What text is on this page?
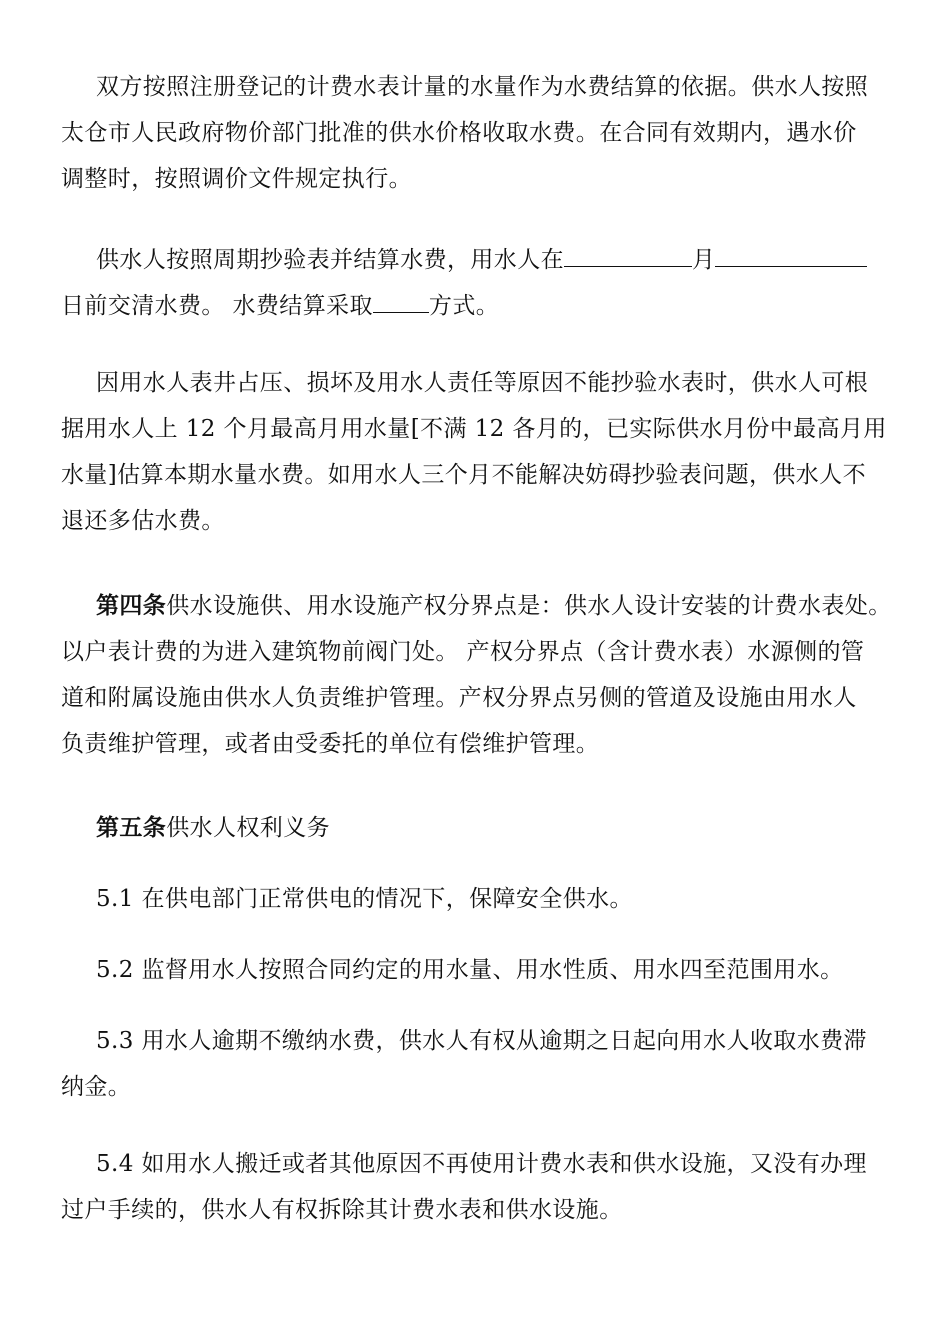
双方按照注册登记的计费水表计量的水量作为水费结算的依据。供水人按照
太仓市人民政府物价部门批准的供水价格收取水费。在合同有效期内，遇水价
调整时，按照调价文件规定执行。
供水人按照周期抄验表并结算水费，用水人在	月
日前交清水费。 水费结算采取 方式。
因用水人表井占压、损坏及用水人责任等原因不能抄验水表时，供水人可根
据用水人上 12 个月最高月用水量[不满 12 各月的，已实际供水月份中最高月用
水量]估算本期水量水费。如用水人三个月不能解决妨碍抄验表问题，供水人不
退还多估水费。
第四条供水设施供、用水设施产权分界点是：供水人设计安装的计费水表处。
以户表计费的为进入建筑物前阀门处。 产权分界点（含计费水表）水源侧的管
道和附属设施由供水人负责维护管理。产权分界点另侧的管道及设施由用水人
负责维护管理，或者由受委托的单位有偿维护管理。
第五条供水人权利义务
5.1 在供电部门正常供电的情况下，保障安全供水。
5.2 监督用水人按照合同约定的用水量、用水性质、用水四至范围用水。
5.3 用水人逾期不缴纳水费，供水人有权从逾期之日起向用水人收取水费滞
纳金。
5.4 如用水人搬迁或者其他原因不再使用计费水表和供水设施，又没有办理
过户手续的，供水人有权拆除其计费水表和供水设施。
